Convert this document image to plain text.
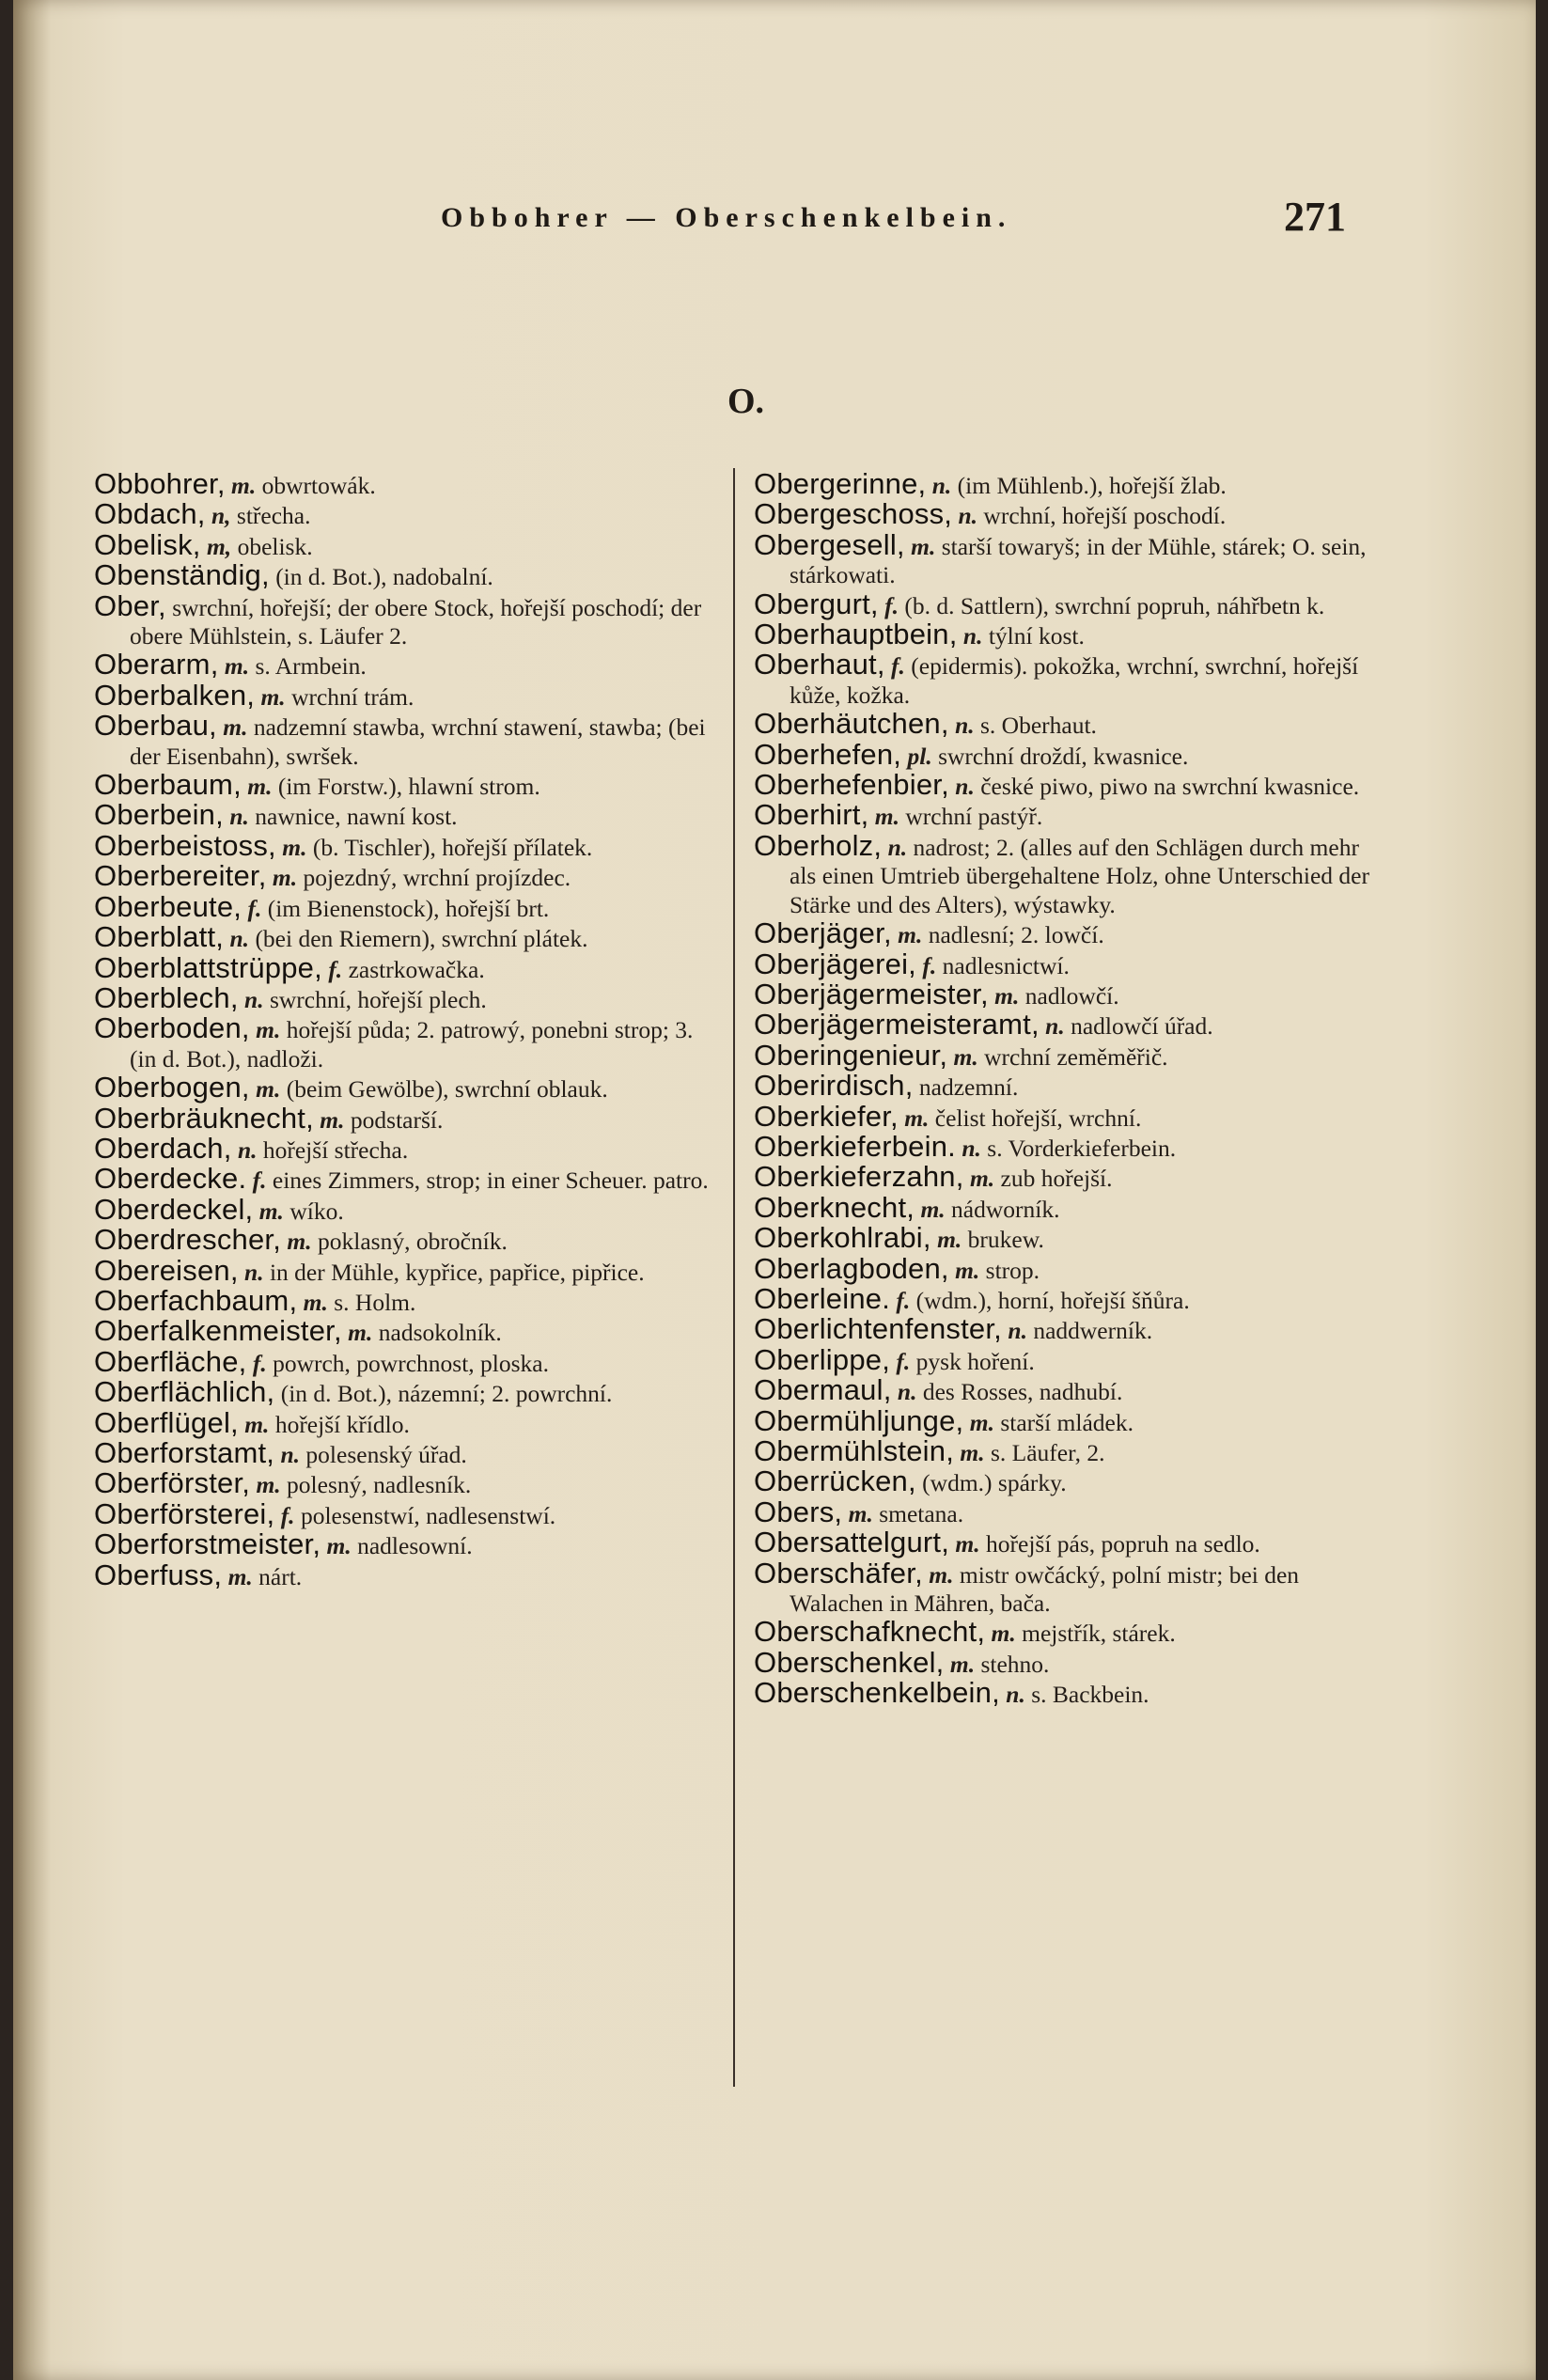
Obbohrer — Oberschenkelbein.	271
O.
Obbohrer, m. obwrtowák.
Obdach, n, střecha.
Obelisk, m, obelisk.
Obenständig, (in d. Bot.), nadobalní.
Ober, swrchní, hořejší; der obere Stock, hořejší poschodí; der obere Mühlstein, s. Läufer 2.
Oberarm, m. s. Armbein.
Oberbalken, m. wrchní trám.
Oberbau, m. nadzemní stawba, wrchní stawení, stawba; (bei der Eisenbahn), swršek.
Oberbaum, m. (im Forstw.), hlawní strom.
Oberbein, n. nawnice, nawní kost.
Oberbeistoss, m. (b. Tischler), hořejší přílatek.
Oberbereiter, m. pojezdný, wrchní projízdec.
Oberbeute, f. (im Bienenstock), hořejší brt.
Oberblatt, n. (bei den Riemern), swrchní plátek.
Oberblattstrüppe, f. zastrkowačka.
Oberblech, n. swrchní, hořejší plech.
Oberboden, m. hořejší půda; 2. patrowý, ponebni strop; 3. (in d. Bot.), nadloži.
Oberbogen, m. (beim Gewölbe), swrchní oblauk.
Oberbräuknecht, m. podstarší.
Oberdach, n. hořejší střecha.
Oberdecke. f. eines Zimmers, strop; in einer Scheuer. patro.
Oberdeckel, m. wíko.
Oberdrescher, m. poklasný, obročník.
Obereisen, n. in der Mühle, kypřice, papřice, pipřice.
Oberfachbaum, m. s. Holm.
Oberfalkenmeister, m. nadsokolník.
Oberfläche, f. powrch, powrchnost, ploska.
Oberflächlich, (in d. Bot.), názemní; 2. powrchní.
Oberflügel, m. hořejší křídlo.
Oberforstamt, n. polesenský úřad.
Oberförster, m. polesný, nadlesník.
Oberförsterei, f. polesenstwí, nadlesenstwí.
Oberforstmeister, m. nadlesowní.
Oberfuss, m. nárt.
Obergerinne, n. (im Mühlenb.), hořejší žlab.
Obergeschoss, n. wrchní, hořejší poschodí.
Obergesell, m. starší towaryš; in der Mühle, stárek; O. sein, stárkowati.
Obergurt, f. (b. d. Sattlern), swrchní popruh, náhřbetn k.
Oberhauptbein, n. týlní kost.
Oberhaut, f. (epidermis). pokožka, wrchní, swrchní, hořejší kůže, kožka.
Oberhäutchen, n. s. Oberhaut.
Oberhefen, pl. swrchní droždí, kwasnice.
Oberhefenbier, n. české piwo, piwo na swrchní kwasnice.
Oberhirt, m. wrchní pastýř.
Oberholz, n. nadrost; 2. (alles auf den Schlägen durch mehr als einen Umtrieb übergehaltene Holz, ohne Unterschied der Stärke und des Alters), wýstawky.
Oberjäger, m. nadlesní; 2. lowčí.
Oberjägerei, f. nadlesnictwí.
Oberjägermeister, m. nadlowčí.
Oberjägermeisteramt, n. nadlowčí úřad.
Oberingenieur, m. wrchní zeměměřič.
Oberirdisch, nadzemní.
Oberkiefer, m. čelist hořejší, wrchní.
Oberkieferbein. n. s. Vorderkieferbein.
Oberkieferzahn, m. zub hořejší.
Oberknecht, m. nádworník.
Oberkohlrabi, m. brukew.
Oberlagboden, m. strop.
Oberleine. f. (wdm.), horní, hořejší šňůra.
Oberlichtenfenster, n. naddwerník.
Oberlippe, f. pysk hoření.
Obermaul, n. des Rosses, nadhubí.
Obermühljunge, m. starší mládek.
Obermühlstein, m. s. Läufer, 2.
Oberrücken, (wdm.) spárky.
Obers, m. smetana.
Obersattelgurt, m. hořejší pás, popruh na sedlo.
Oberschäfer, m. mistr owčácký, polní mistr; bei den Walachen in Mähren, bača.
Oberschafknecht, m. mejstřík, stárek.
Oberschenkel, m. stehno.
Oberschenkelbein, n. s. Backbein.
